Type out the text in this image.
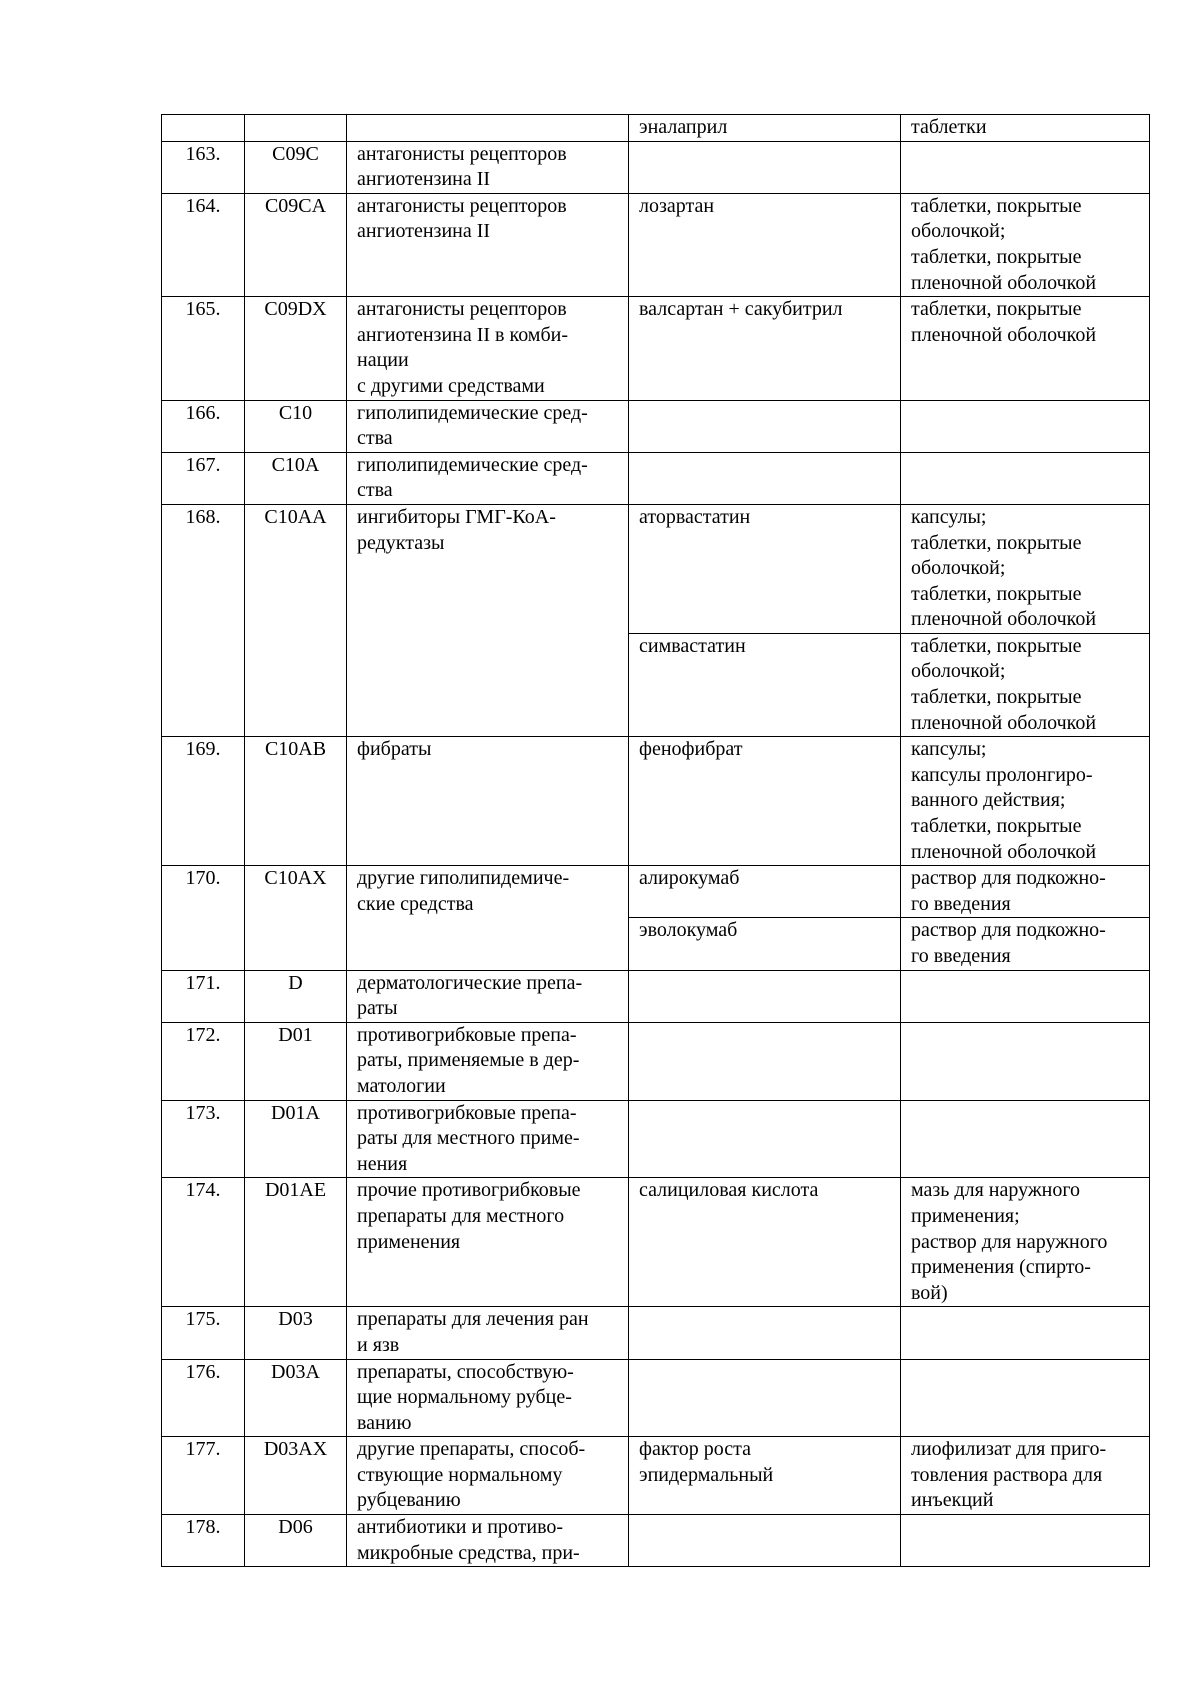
			эналаприл	таблетки
163.	C09C	антагонисты рецепторов
ангиотензина II		
164.	C09CA	антагонисты рецепторов
ангиотензина II	лозартан	таблетки, покрытые
оболочкой;
таблетки, покрытые
пленочной оболочкой
165.	C09DX	антагонисты рецепторов
ангиотензина II в комби-
нации
с другими средствами	валсартан + сакубитрил	таблетки, покрытые
пленочной оболочкой
166.	C10	гиполипидемические сред-
ства		
167.	C10A	гиполипидемические сред-
ства		
168.	C10AA	ингибиторы ГМГ-КоА-
редуктазы	аторвастатин	капсулы;
таблетки, покрытые
оболочкой;
таблетки, покрытые
пленочной оболочкой
			симвастатин	таблетки, покрытые
оболочкой;
таблетки, покрытые
пленочной оболочкой
169.	C10AB	фибраты	фенофибрат	капсулы;
капсулы пролонгиро-
ванного действия;
таблетки, покрытые
пленочной оболочкой
170.	C10AX	другие гиполипидемиче-
ские средства	алирокумаб	раствор для подкожно-
го введения
			эволокумаб	раствор для подкожно-
го введения
171.	D	дерматологические препа-
раты		
172.	D01	противогрибковые препа-
раты, применяемые в дер-
матологии		
173.	D01A	противогрибковые препа-
раты для местного приме-
нения		
174.	D01AE	прочие противогрибковые
препараты для местного
применения	салициловая кислота	мазь для наружного
применения;
раствор для наружного
применения (спирто-
вой)
175.	D03	препараты для лечения ран
и язв		
176.	D03A	препараты, способствую-
щие нормальному рубце-
ванию		
177.	D03AX	другие препараты, способ-
ствующие нормальному
рубцеванию	фактор роста
эпидермальный	лиофилизат для приго-
товления раствора для
инъекций
178.	D06	антибиотики и противо-
микробные средства, при-		
